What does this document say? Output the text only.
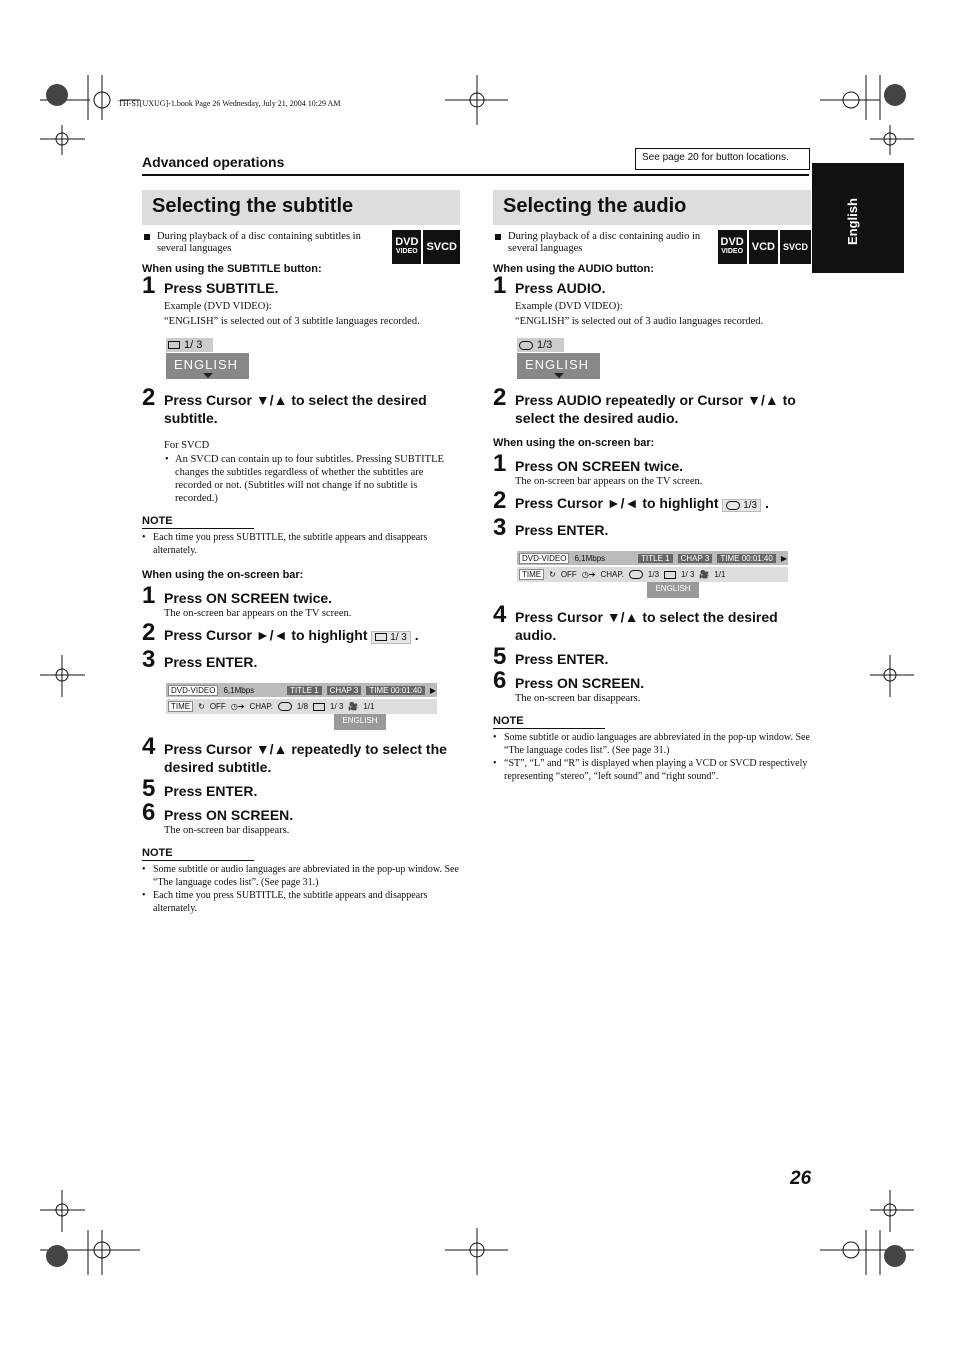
TH-S1[UXUG]-1.book Page 26 Wednesday, July 21, 2004 10:29 AM
Advanced operations	See page 20 for button locations.
English
26
Selecting the subtitle
During playback of a disc containing subtitles in several languages
DVD
VIDEO SVCD
When using the SUBTITLE button:
1 Press SUBTITLE.
Example (DVD VIDEO):
“ENGLISH” is selected out of 3 subtitle languages recorded.
1/ 3
ENGLISH
2 Press Cursor ▼/▲ to select the desired subtitle.
For SVCD
• An SVCD can contain up to four subtitles. Pressing SUBTITLE changes the subtitles regardless of whether the subtitles are recorded or not. (Subtitles will not change if no subtitle is recorded.)
NOTE
• Each time you press SUBTITLE, the subtitle appears and disappears alternately.
When using the on-screen bar:
1 Press ON SCREEN twice.
The on-screen bar appears on the TV screen.
2 Press Cursor ►/◄ to highlight 1/ 3 .
3 Press ENTER.
DVD-VIDEO	6,1Mbps	TITLE 1	CHAP 3	TIME 00:01:40	▶
TIME	↻ OFF ◷➔ CHAP.	1/8	1/ 3 🎥 1/1
ENGLISH
4 Press Cursor ▼/▲ repeatedly to select the desired subtitle.
5 Press ENTER.
6 Press ON SCREEN.
The on-screen bar disappears.
NOTE
• Some subtitle or audio languages are abbreviated in the pop-up window. See “The language codes list”. (See page 31.)
• Each time you press SUBTITLE, the subtitle appears and disappears alternately.
Selecting the audio
During playback of a disc containing audio in several languages
DVD
VIDEO VCD SVCD
When using the AUDIO button:
1 Press AUDIO.
Example (DVD VIDEO):
“ENGLISH” is selected out of 3 audio languages recorded.
1/3
ENGLISH
2 Press AUDIO repeatedly or Cursor ▼/▲ to select the desired audio.
When using the on-screen bar:
1 Press ON SCREEN twice.
The on-screen bar appears on the TV screen.
2 Press Cursor ►/◄ to highlight 1/3 .
3 Press ENTER.
DVD-VIDEO	6,1Mbps	TITLE 1	CHAP 3	TIME 00:01:40	▶
TIME	↻ OFF ◷➔ CHAP.	1/3	1/ 3 🎥 1/1
ENGLISH
4 Press Cursor ▼/▲ to select the desired audio.
5 Press ENTER.
6 Press ON SCREEN.
The on-screen bar disappears.
NOTE
• Some subtitle or audio languages are abbreviated in the pop-up window. See “The language codes list”. (See page 31.)
• “ST”, “L” and “R” is displayed when playing a VCD or SVCD respectively representing “stereo”, “left sound” and “right sound”.
